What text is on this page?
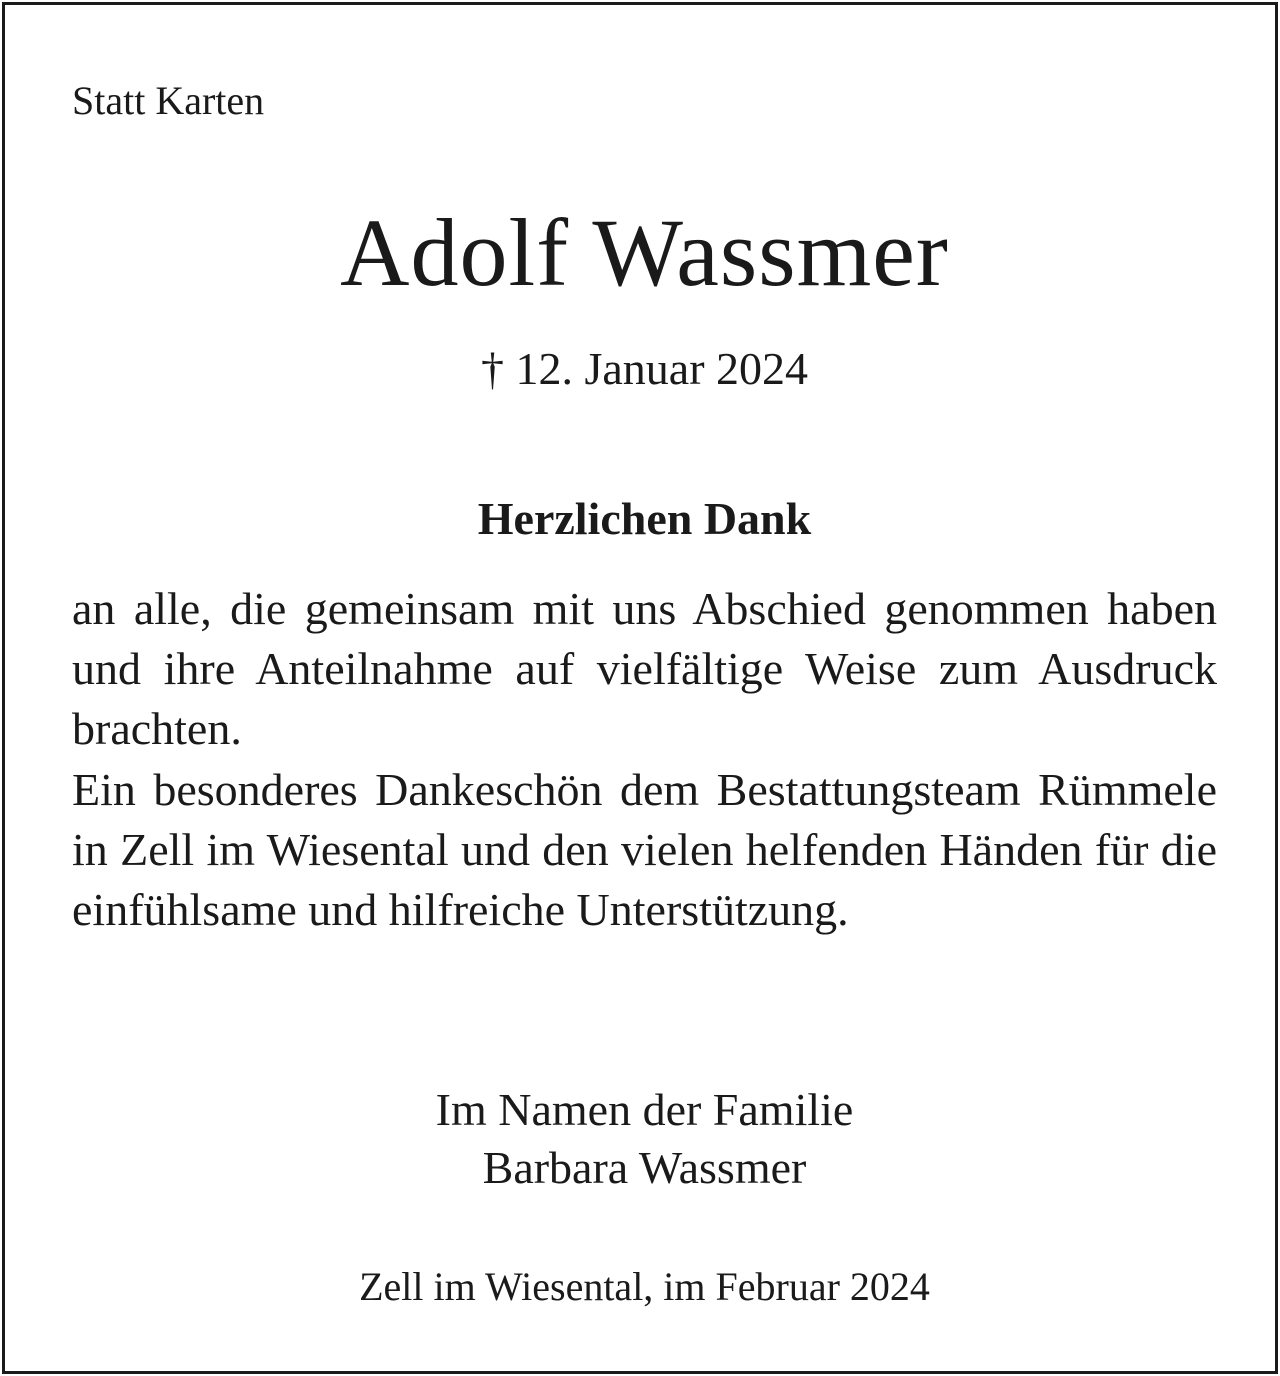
Statt Karten
Adolf Wassmer
† 12. Januar 2024
Herzlichen Dank

an alle, die gemeinsam mit uns Abschied genommen haben und ihre Anteilnahme auf vielfältige Weise zum Ausdruck brachten.

Ein besonderes Dankeschön dem Bestattungsteam Rümmele in Zell im Wiesental und den vielen helfenden Händen für die einfühlsame und hilfreiche Unterstützung.

Im Namen der Familie
Barbara Wassmer
Zell im Wiesental, im Februar 2024
